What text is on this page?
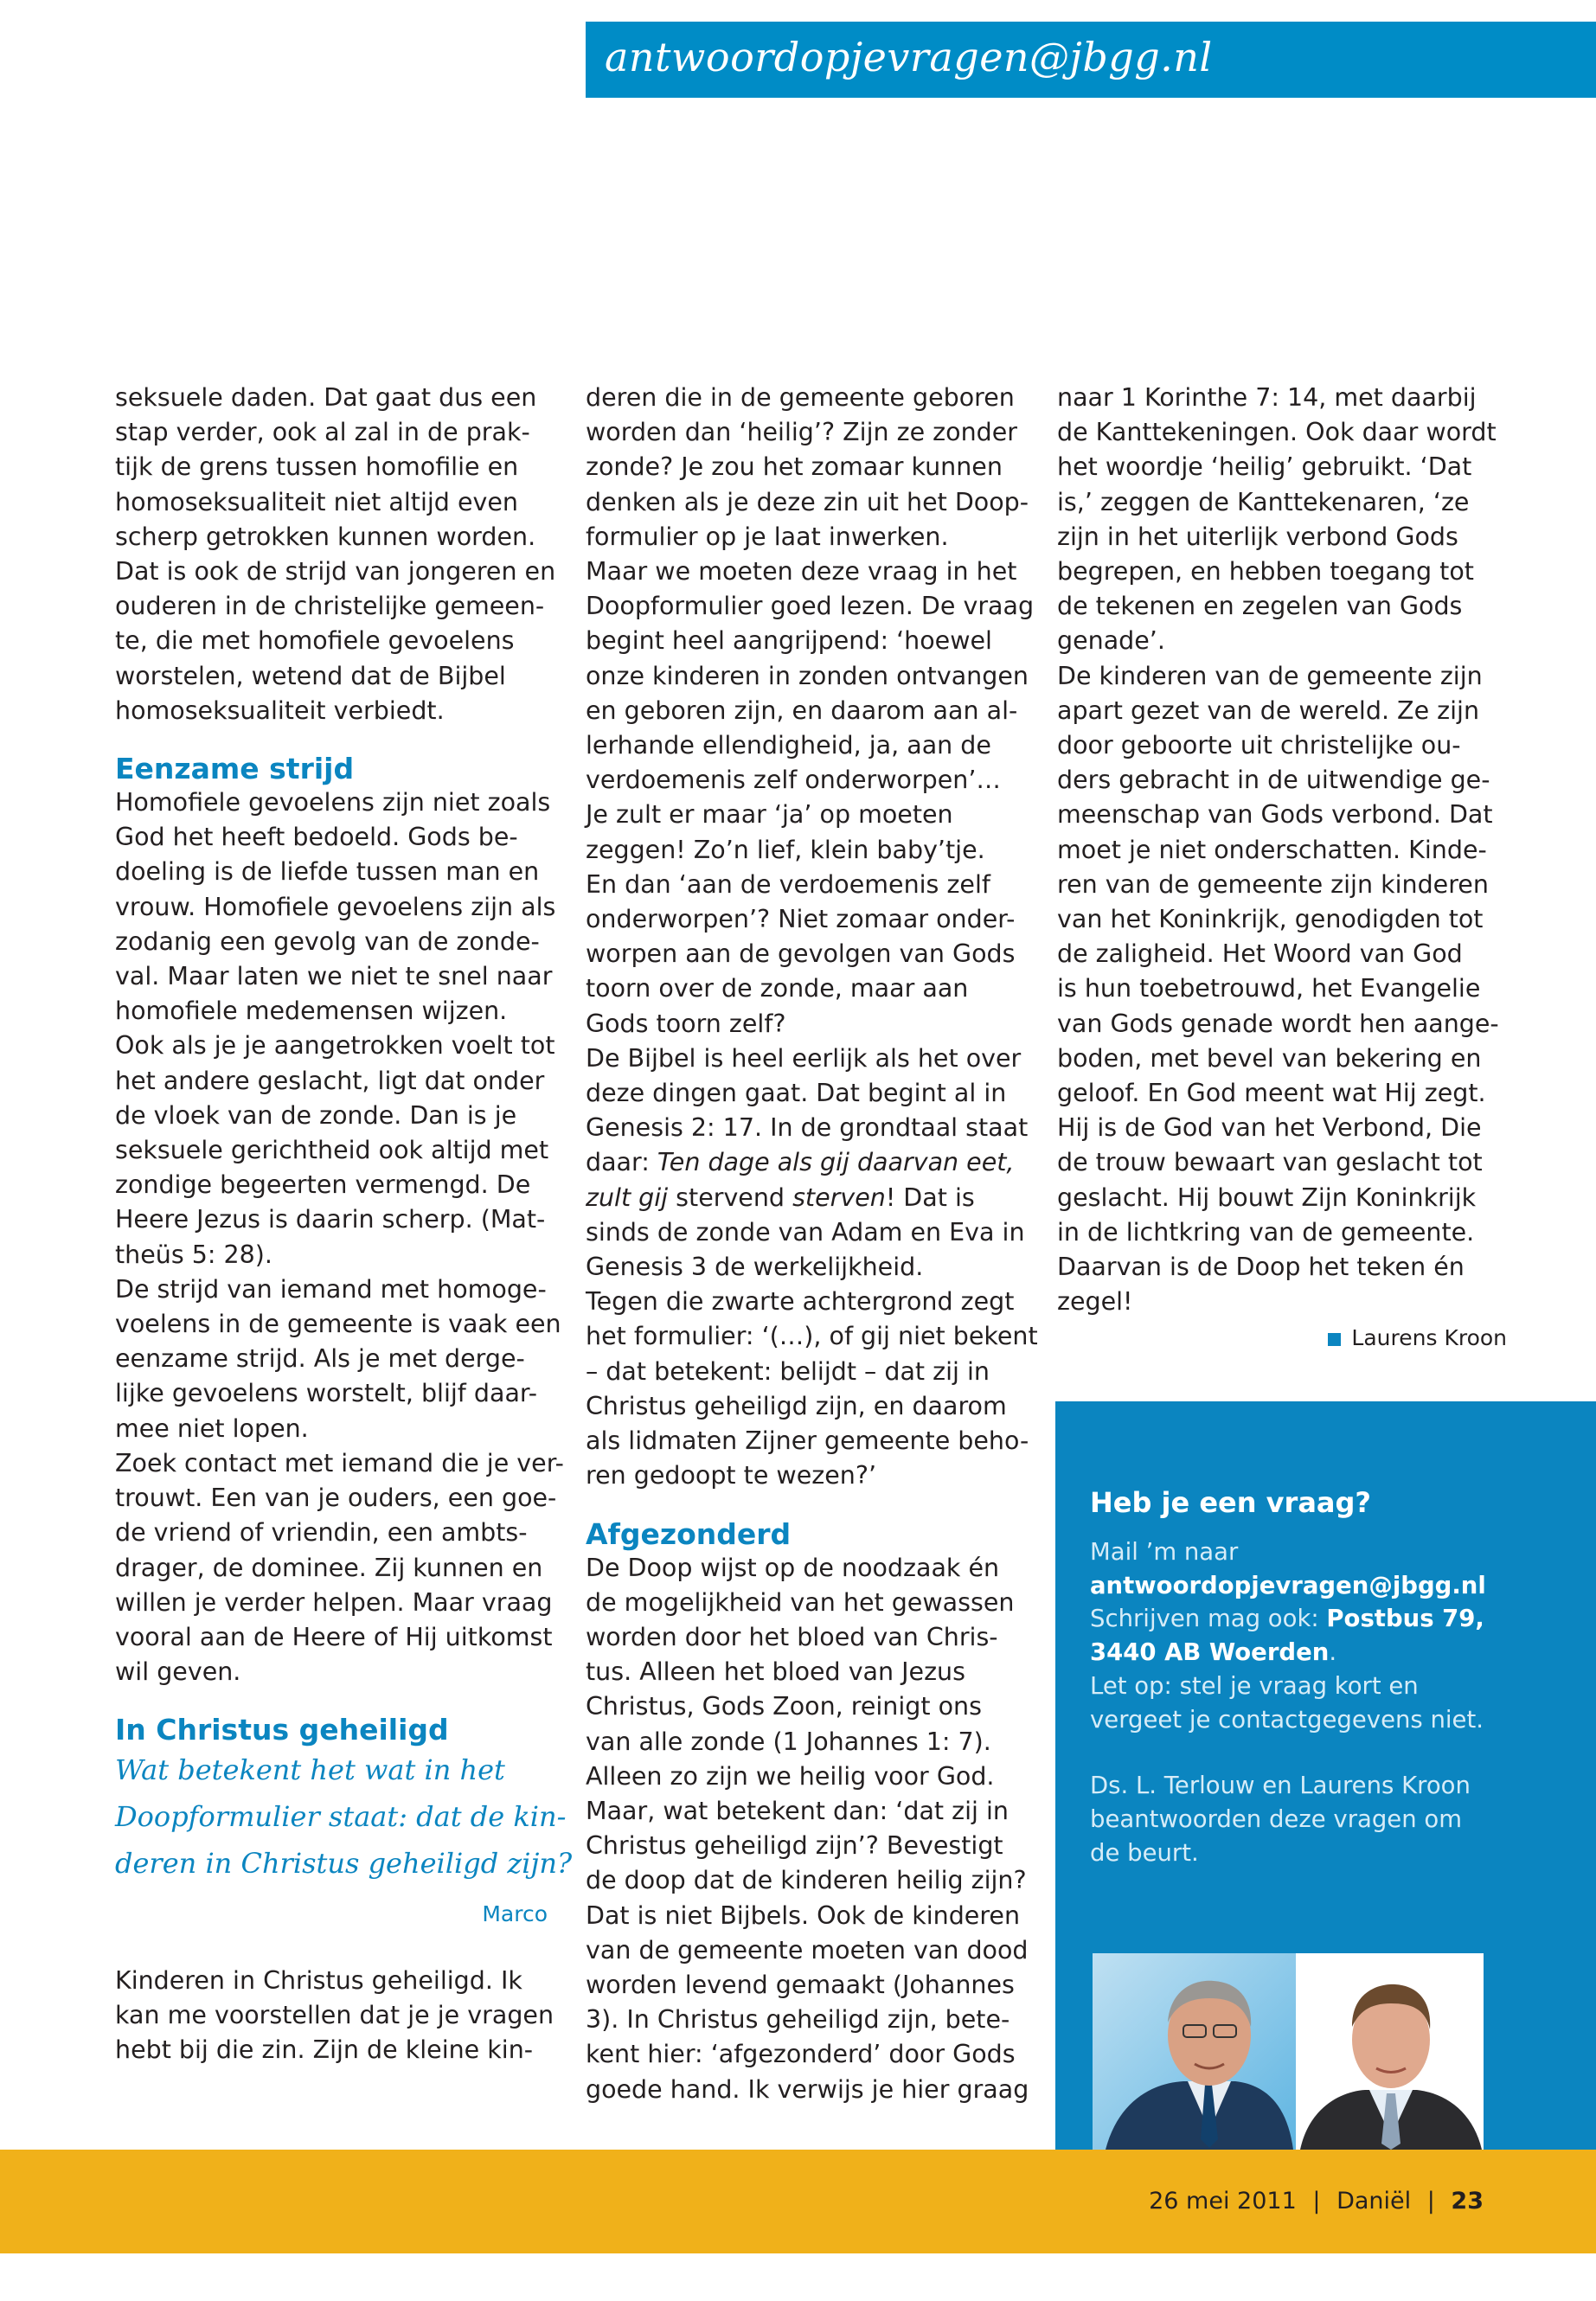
antwoordopjevragen@jbgg.nl

seksuele daden. Dat gaat dus een

stap verder, ook al zal in de prak-

tijk de grens tussen homofilie en

homoseksualiteit niet altijd even

scherp getrokken kunnen worden.

Dat is ook de strijd van jongeren en

ouderen in de christelijke gemeen-

te, die met homofiele gevoelens

worstelen, wetend dat de Bijbel

homoseksualiteit verbiedt.

Eenzame strijd

Homofiele gevoelens zijn niet zoals

God het heeft bedoeld. Gods be-

doeling is de liefde tussen man en

vrouw. Homofiele gevoelens zijn als

zodanig een gevolg van de zonde-

val. Maar laten we niet te snel naar

homofiele medemensen wijzen.

Ook als je je aangetrokken voelt tot

het andere geslacht, ligt dat onder

de vloek van de zonde. Dan is je

seksuele gerichtheid ook altijd met

zondige begeerten vermengd. De

Heere Jezus is daarin scherp. (Mat-

theüs 5: 28).

De strijd van iemand met homoge-

voelens in de gemeente is vaak een

eenzame strijd. Als je met derge-

lijke gevoelens worstelt, blijf daar-

mee niet lopen.

Zoek contact met iemand die je ver-

trouwt. Een van je ouders, een goe-

de vriend of vriendin, een ambts-

drager, de dominee. Zij kunnen en

willen je verder helpen. Maar vraag

vooral aan de Heere of Hij uitkomst

wil geven.

In Christus geheiligd

Wat betekent het wat in het

Doopformulier staat: dat de kin-

deren in Christus geheiligd zijn?

Marco

Kinderen in Christus geheiligd. Ik

kan me voorstellen dat je je vragen

hebt bij die zin. Zijn de kleine kin-

deren die in de gemeente geboren

worden dan ‘heilig’? Zijn ze zonder

zonde? Je zou het zomaar kunnen

denken als je deze zin uit het Doop-

formulier op je laat inwerken.

Maar we moeten deze vraag in het

Doopformulier goed lezen. De vraag

begint heel aangrijpend: ‘hoewel

onze kinderen in zonden ontvangen

en geboren zijn, en daarom aan al-

lerhande ellendigheid, ja, aan de

verdoemenis zelf onderworpen’…

Je zult er maar ‘ja’ op moeten

zeggen! Zo’n lief, klein baby’tje.

En dan ‘aan de verdoemenis zelf

onderworpen’? Niet zomaar onder-

worpen aan de gevolgen van Gods

toorn over de zonde, maar aan

Gods toorn zelf?

De Bijbel is heel eerlijk als het over

deze dingen gaat. Dat begint al in

Genesis 2: 17. In de grondtaal staat

daar: Ten dage als gij daarvan eet,

zult gij stervend sterven! Dat is

sinds de zonde van Adam en Eva in

Genesis 3 de werkelijkheid.

Tegen die zwarte achtergrond zegt

het formulier: ‘(…), of gij niet bekent

– dat betekent: belijdt – dat zij in

Christus geheiligd zijn, en daarom

als lidmaten Zijner gemeente beho-

ren gedoopt te wezen?’

Afgezonderd

De Doop wijst op de noodzaak én

de mogelijkheid van het gewassen

worden door het bloed van Chris-

tus. Alleen het bloed van Jezus

Christus, Gods Zoon, reinigt ons

van alle zonde (1 Johannes 1: 7).

Alleen zo zijn we heilig voor God.

Maar, wat betekent dan: ‘dat zij in

Christus geheiligd zijn’? Bevestigt

de doop dat de kinderen heilig zijn?

Dat is niet Bijbels. Ook de kinderen

van de gemeente moeten van dood

worden levend gemaakt (Johannes

3). In Christus geheiligd zijn, bete-

kent hier: ‘afgezonderd’ door Gods

goede hand. Ik verwijs je hier graag

naar 1 Korinthe 7: 14, met daarbij

de Kanttekeningen. Ook daar wordt

het woordje ‘heilig’ gebruikt. ‘Dat

is,’ zeggen de Kanttekenaren, ‘ze

zijn in het uiterlijk verbond Gods

begrepen, en hebben toegang tot

de tekenen en zegelen van Gods

genade’.

De kinderen van de gemeente zijn

apart gezet van de wereld. Ze zijn

door geboorte uit christelijke ou-

ders gebracht in de uitwendige ge-

meenschap van Gods verbond. Dat

moet je niet onderschatten. Kinde-

ren van de gemeente zijn kinderen

van het Koninkrijk, genodigden tot

de zaligheid. Het Woord van God

is hun toebetrouwd, het Evangelie

van Gods genade wordt hen aange-

boden, met bevel van bekering en

geloof. En God meent wat Hij zegt.

Hij is de God van het Verbond, Die

de trouw bewaart van geslacht tot

geslacht. Hij bouwt Zijn Koninkrijk

in de lichtkring van de gemeente.

Daarvan is de Doop het teken én

zegel!

Laurens Kroon

Heb je een vraag?

Mail ’m naar

antwoordopjevragen@jbgg.nl

Schrijven mag ook: Postbus 79,

3440 AB Woerden.

Let op: stel je vraag kort en

vergeet je contactgegevens niet.

Ds. L. Terlouw en Laurens Kroon

beantwoorden deze vragen om

de beurt.

26 mei 2011 | Daniël | 23
